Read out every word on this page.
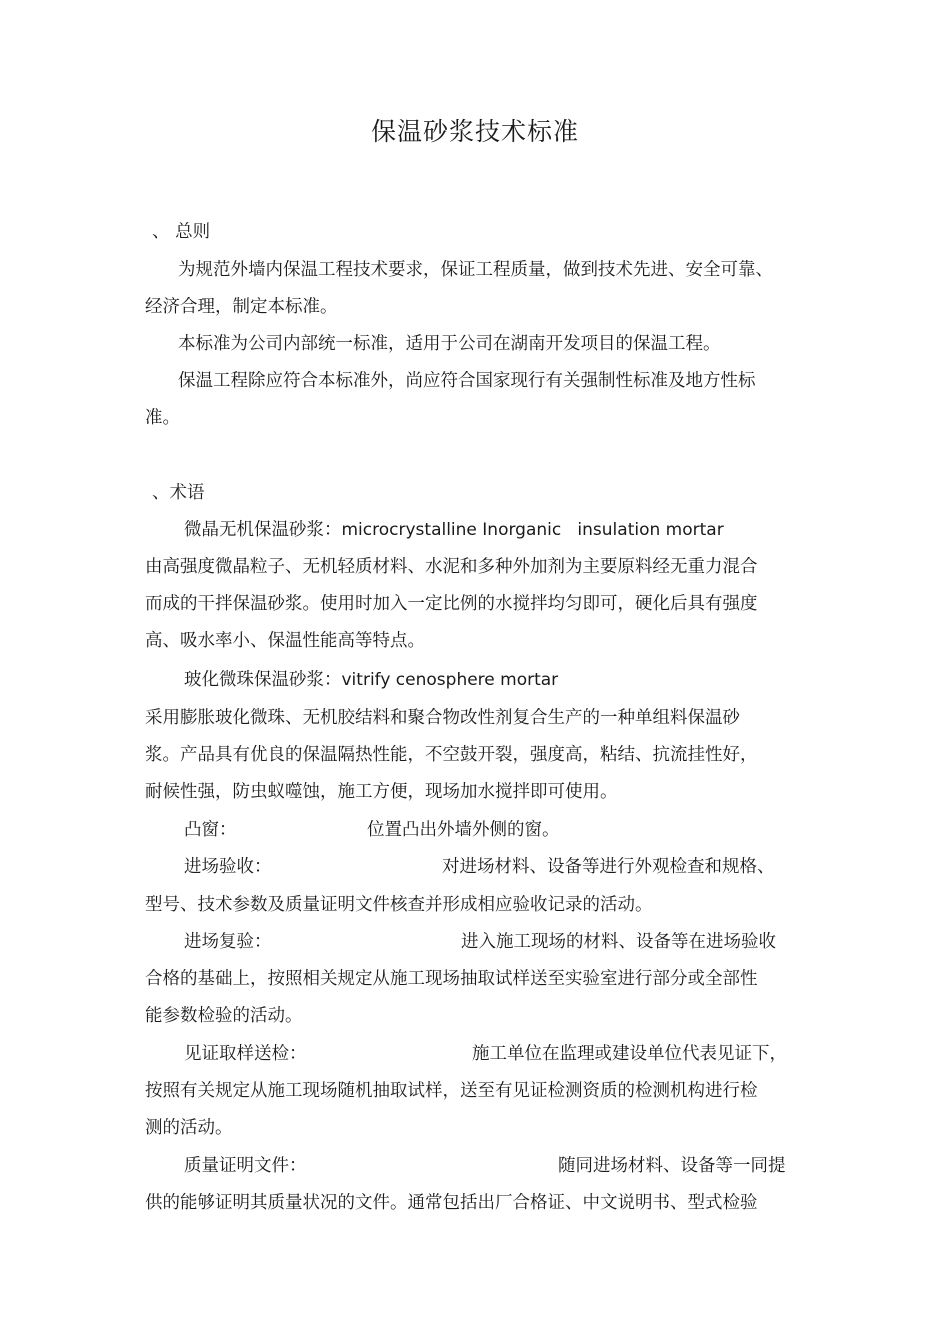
保温砂浆技术标准
、 总则
为规范外墙内保温工程技术要求，保证工程质量，做到技术先进、安全可靠、
经济合理，制定本标准。
本标准为公司内部统一标准，适用于公司在湖南开发项目的保温工程。
保温工程除应符合本标准外，尚应符合国家现行有关强制性标准及地方性标
准。
、术语
微晶无机保温砂浆：microcrystalline Inorganic   insulation mortar
由高强度微晶粒子、无机轻质材料、水泥和多种外加剂为主要原料经无重力混合
而成的干拌保温砂浆。使用时加入一定比例的水搅拌均匀即可，硬化后具有强度
高、吸水率小、保温性能高等特点。
玻化微珠保温砂浆：vitrify cenosphere mortar
采用膨胀玻化微珠、无机胶结料和聚合物改性剂复合生产的一种单组料保温砂
浆。产品具有优良的保温隔热性能，不空鼓开裂，强度高，粘结、抗流挂性好，
耐候性强，防虫蚁噬蚀，施工方便，现场加水搅拌即可使用。
凸窗：	位置凸出外墙外侧的窗。
进场验收：	对进场材料、设备等进行外观检查和规格、
型号、技术参数及质量证明文件核查并形成相应验收记录的活动。
进场复验：	进入施工现场的材料、设备等在进场验收
合格的基础上，按照相关规定从施工现场抽取试样送至实验室进行部分或全部性
能参数检验的活动。
见证取样送检：	施工单位在监理或建设单位代表见证下，
按照有关规定从施工现场随机抽取试样，送至有见证检测资质的检测机构进行检
测的活动。
质量证明文件：	随同进场材料、设备等一同提
供的能够证明其质量状况的文件。通常包括出厂合格证、中文说明书、型式检验
